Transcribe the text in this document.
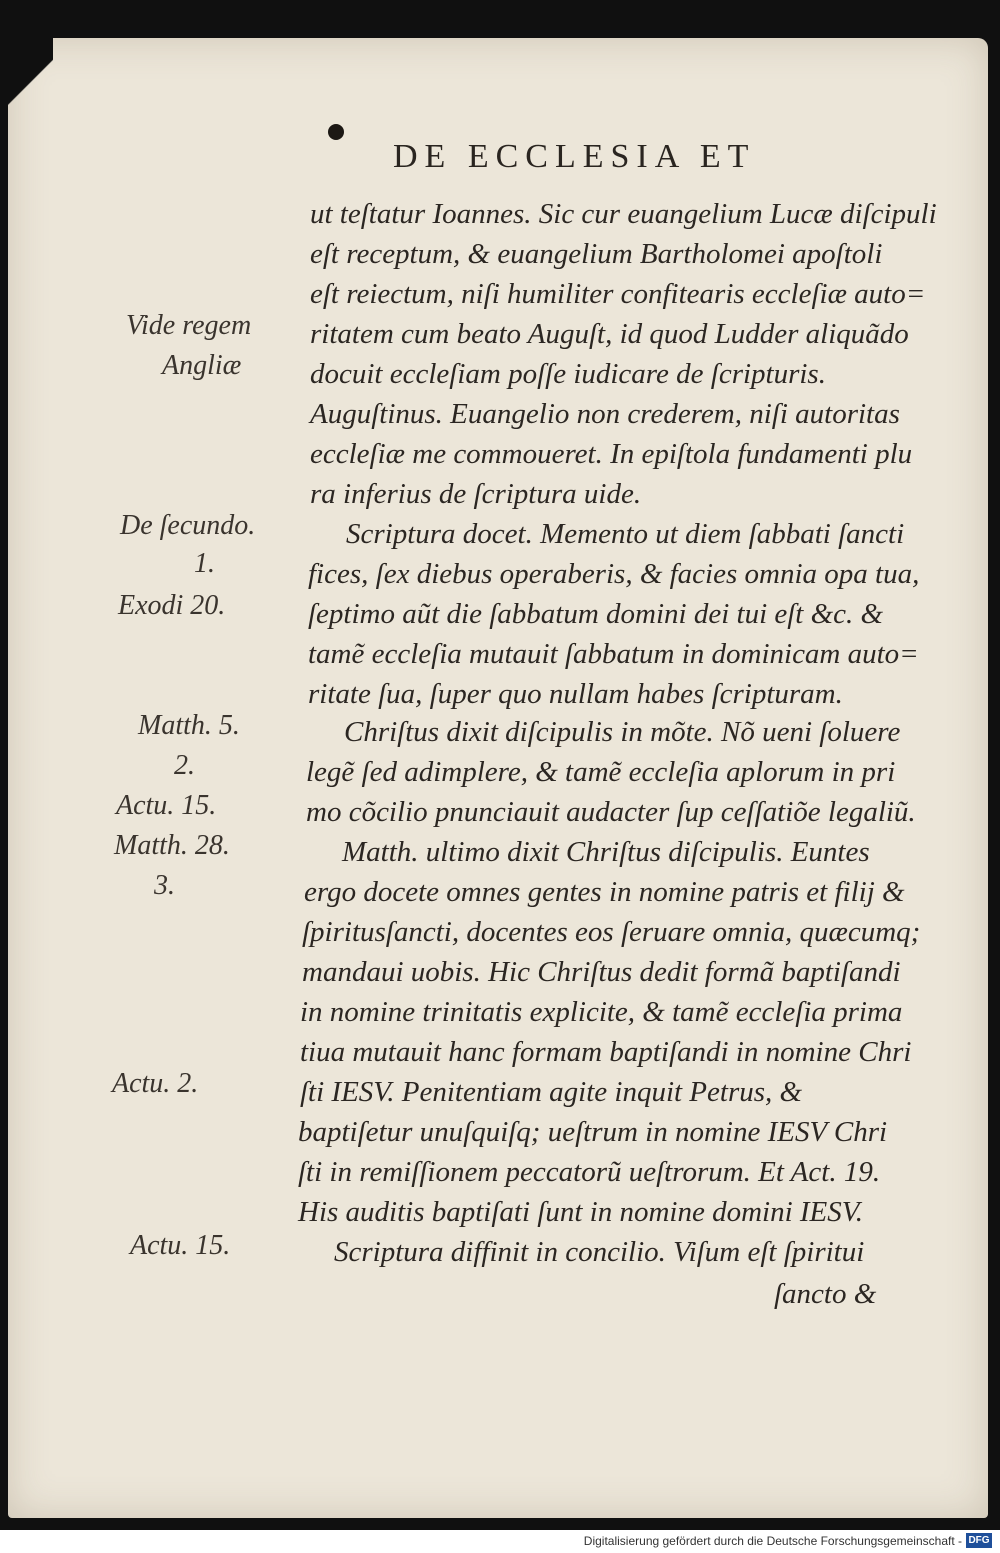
DE ECCLESIA ET
ut teſtatur Ioannes. Sic cur euangelium Lucæ diſcipuli
eſt receptum, & euangelium Bartholomei apoſtoli
eſt reiectum, niſi humiliter confitearis eccleſiæ auto=
ritatem cum beato Auguſt, id quod Ludder aliquãdo
docuit eccleſiam poſſe iudicare de ſcripturis.
Auguſtinus. Euangelio non crederem, niſi autoritas
eccleſiæ me commoueret. In epiſtola fundamenti plu
ra inferius de ſcriptura uide.
Scriptura docet. Memento ut diem ſabbati ſancti
fices, ſex diebus operaberis, & facies omnia opa tua,
ſeptimo aũt die ſabbatum domini dei tui eſt &c. &
tamẽ eccleſia mutauit ſabbatum in dominicam auto=
ritate ſua, ſuper quo nullam habes ſcripturam.
Chriſtus dixit diſcipulis in mõte. Nõ ueni ſoluere
legẽ ſed adimplere, & tamẽ eccleſia aplorum in pri
mo cõcilio pnunciauit audacter ſup ceſſatiõe legaliũ.
Matth. ultimo dixit Chriſtus diſcipulis. Euntes
ergo docete omnes gentes in nomine patris et filij &
ſpiritusſancti, docentes eos ſeruare omnia, quæcumq;
mandaui uobis. Hic Chriſtus dedit formã baptiſandi
in nomine trinitatis explicite, & tamẽ eccleſia prima
tiua mutauit hanc formam baptiſandi in nomine Chri
ſti IESV. Penitentiam agite inquit Petrus, &
baptiſetur unuſquiſq; ueſtrum in nomine IESV Chri
ſti in remiſſionem peccatorũ ueſtrorum. Et Act. 19.
His auditis baptiſati ſunt in nomine domini IESV.
Scriptura diffinit in concilio. Viſum eſt ſpiritui
ſancto &
Vide regem
Angliæ
De ſecundo.
1.
Exodi 20.
Matth. 5.
2.
Actu. 15.
Matth. 28.
3.
Actu. 2.
Actu. 15.
Digitalisierung gefördert durch die Deutsche Forschungsgemeinschaft - DFG
